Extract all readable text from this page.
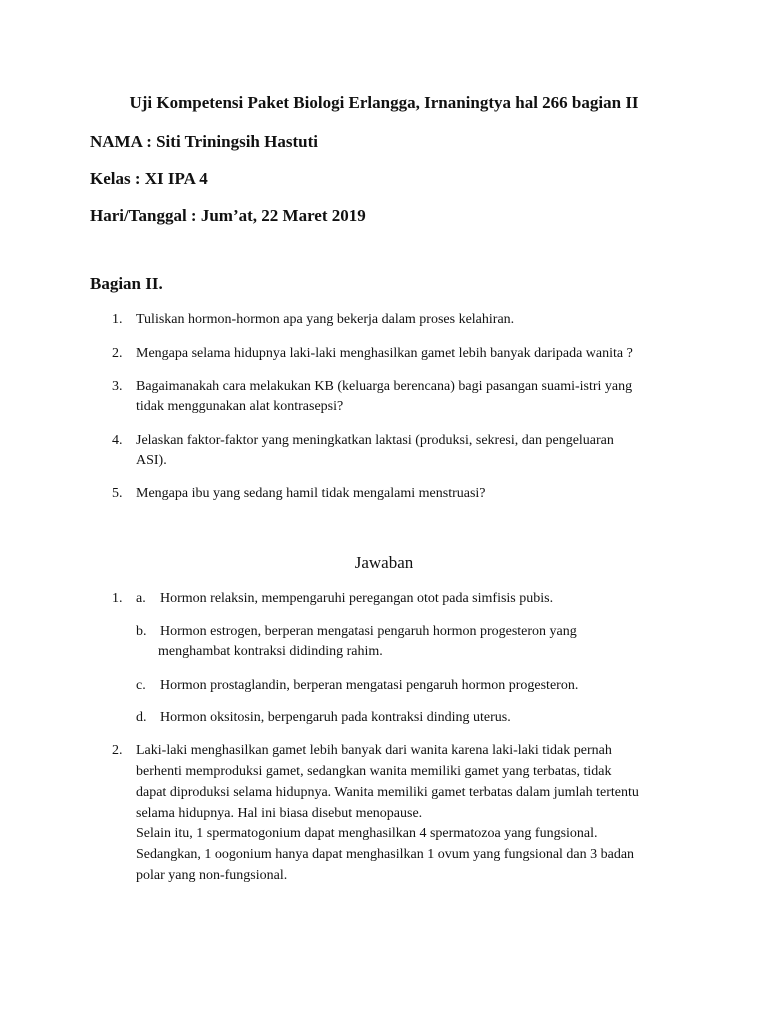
Uji Kompetensi Paket Biologi Erlangga, Irnaningtya hal 266 bagian II
NAMA : Siti Triningsih Hastuti
Kelas : XI IPA 4
Hari/Tanggal : Jum’at, 22 Maret 2019
Bagian II.
1. Tuliskan hormon-hormon apa yang bekerja dalam proses kelahiran.
2. Mengapa selama hidupnya laki-laki menghasilkan gamet lebih banyak daripada wanita ?
3. Bagaimanakah cara melakukan KB (keluarga berencana) bagi pasangan suami-istri yang
tidak menggunakan alat kontrasepsi?
4. Jelaskan faktor-faktor yang meningkatkan laktasi (produksi, sekresi, dan pengeluaran
ASI).
5. Mengapa ibu yang sedang hamil tidak mengalami menstruasi?
Jawaban
1. a. Hormon relaksin, mempengaruhi peregangan otot pada simfisis pubis.
b. Hormon estrogen, berperan mengatasi pengaruh hormon progesteron yang
menghambat kontraksi didinding rahim.
c. Hormon prostaglandin, berperan mengatasi pengaruh hormon progesteron.
d. Hormon oksitosin, berpengaruh pada kontraksi dinding uterus.
2. Laki-laki menghasilkan gamet lebih banyak dari wanita karena laki-laki tidak pernah
berhenti memproduksi gamet, sedangkan wanita memiliki gamet yang terbatas, tidak
dapat diproduksi selama hidupnya. Wanita memiliki gamet terbatas dalam jumlah tertentu
selama hidupnya. Hal ini biasa disebut menopause.
Selain itu, 1 spermatogonium dapat menghasilkan 4 spermatozoa yang fungsional.
Sedangkan, 1 oogonium hanya dapat menghasilkan 1 ovum yang fungsional dan 3 badan
polar yang non-fungsional.
